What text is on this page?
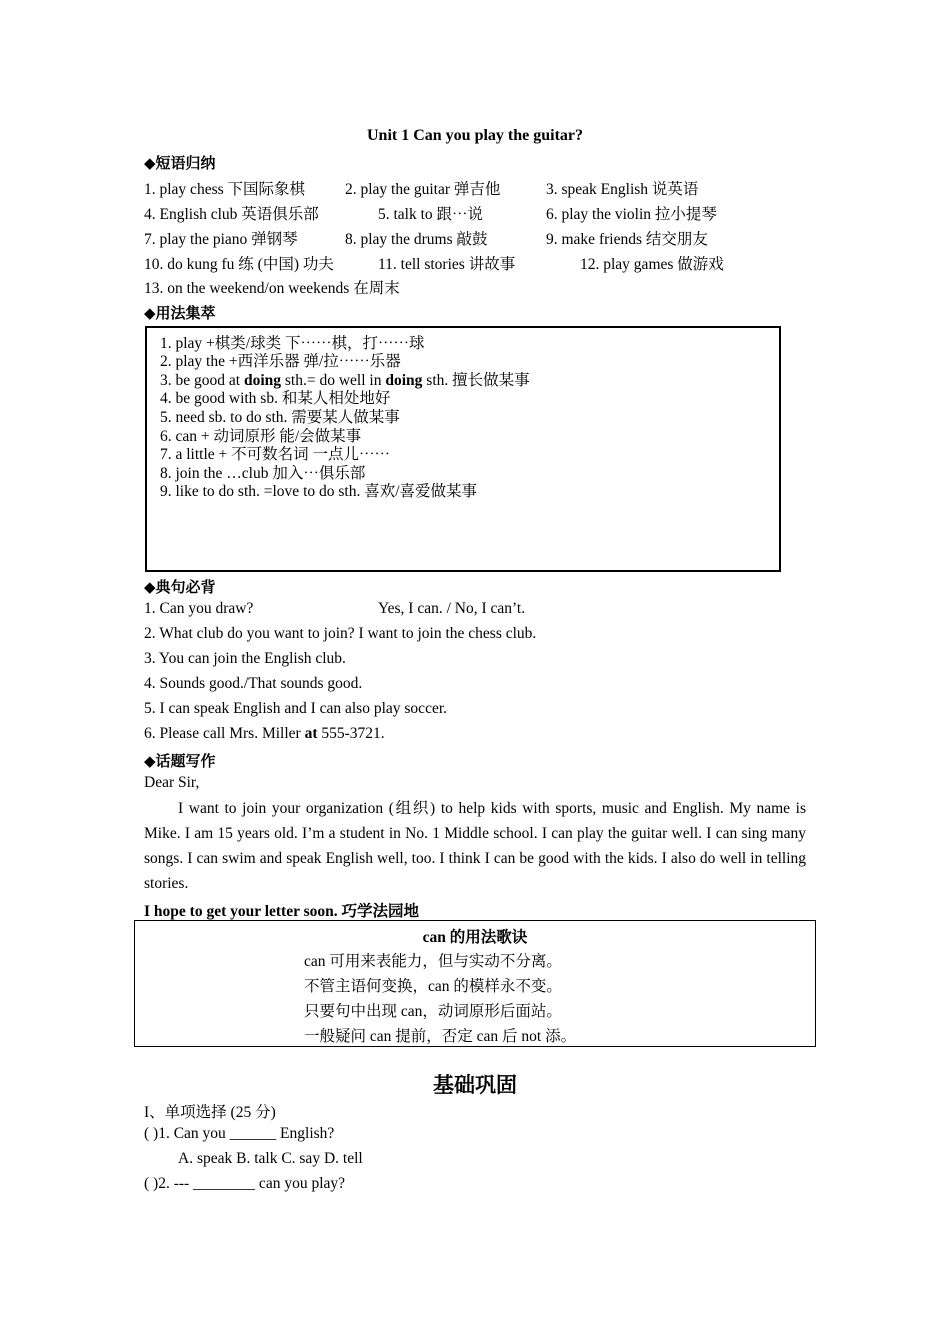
Unit 1 Can you play the guitar?
◆短语归纳
1. play chess 下国际象棋	2. play the guitar 弹吉他	3. speak English 说英语
4. English club 英语俱乐部	5. talk to 跟⋯说	6. play the violin 拉小提琴
7. play the piano 弹钢琴	8. play the drums 敲鼓	9. make friends 结交朋友
10. do kung fu 练 (中国) 功夫	11. tell stories 讲故事	12. play games 做游戏
13. on the weekend/on weekends 在周末
◆用法集萃
1. play +棋类/球类 下⋯⋯棋，打⋯⋯球
2. play the +西洋乐器 弹/拉⋯⋯乐器
3. be good at doing sth.= do well in doing sth. 擅长做某事
4. be good with sb. 和某人相处地好
5. need sb. to do sth. 需要某人做某事
6. can + 动词原形 能/会做某事
7. a little + 不可数名词 一点儿⋯⋯
8. join the …club 加入⋯俱乐部
9. like to do sth. =love to do sth. 喜欢/喜爱做某事
◆典句必背
1. Can you draw?	Yes, I can. / No, I can’t.
2. What club do you want to join? I want to join the chess club.
3. You can join the English club.
4. Sounds good./That sounds good.
5. I can speak English and I can also play soccer.
6. Please call Mrs. Miller at 555-3721.
◆话题写作
Dear Sir,
I want to join your organization (组织) to help kids with sports, music and English. My name is Mike. I am 15 years old. I’m a student in No. 1 Middle school. I can play the guitar well. I can sing many songs. I can swim and speak English well, too. I think I can be good with the kids. I also do well in telling stories.
I hope to get your letter soon. 巧学法园地
can 的用法歌诀
can 可用来表能力，但与实动不分离。
不管主语何变换，can 的模样永不变。
只要句中出现 can，动词原形后面站。
一般疑问 can 提前，否定 can 后 not 添。
基础巩固
I、单项选择 (25 分)
( )1. Can you ______ English?
A. speak B. talk C. say D. tell
( )2. --- ________ can you play?
